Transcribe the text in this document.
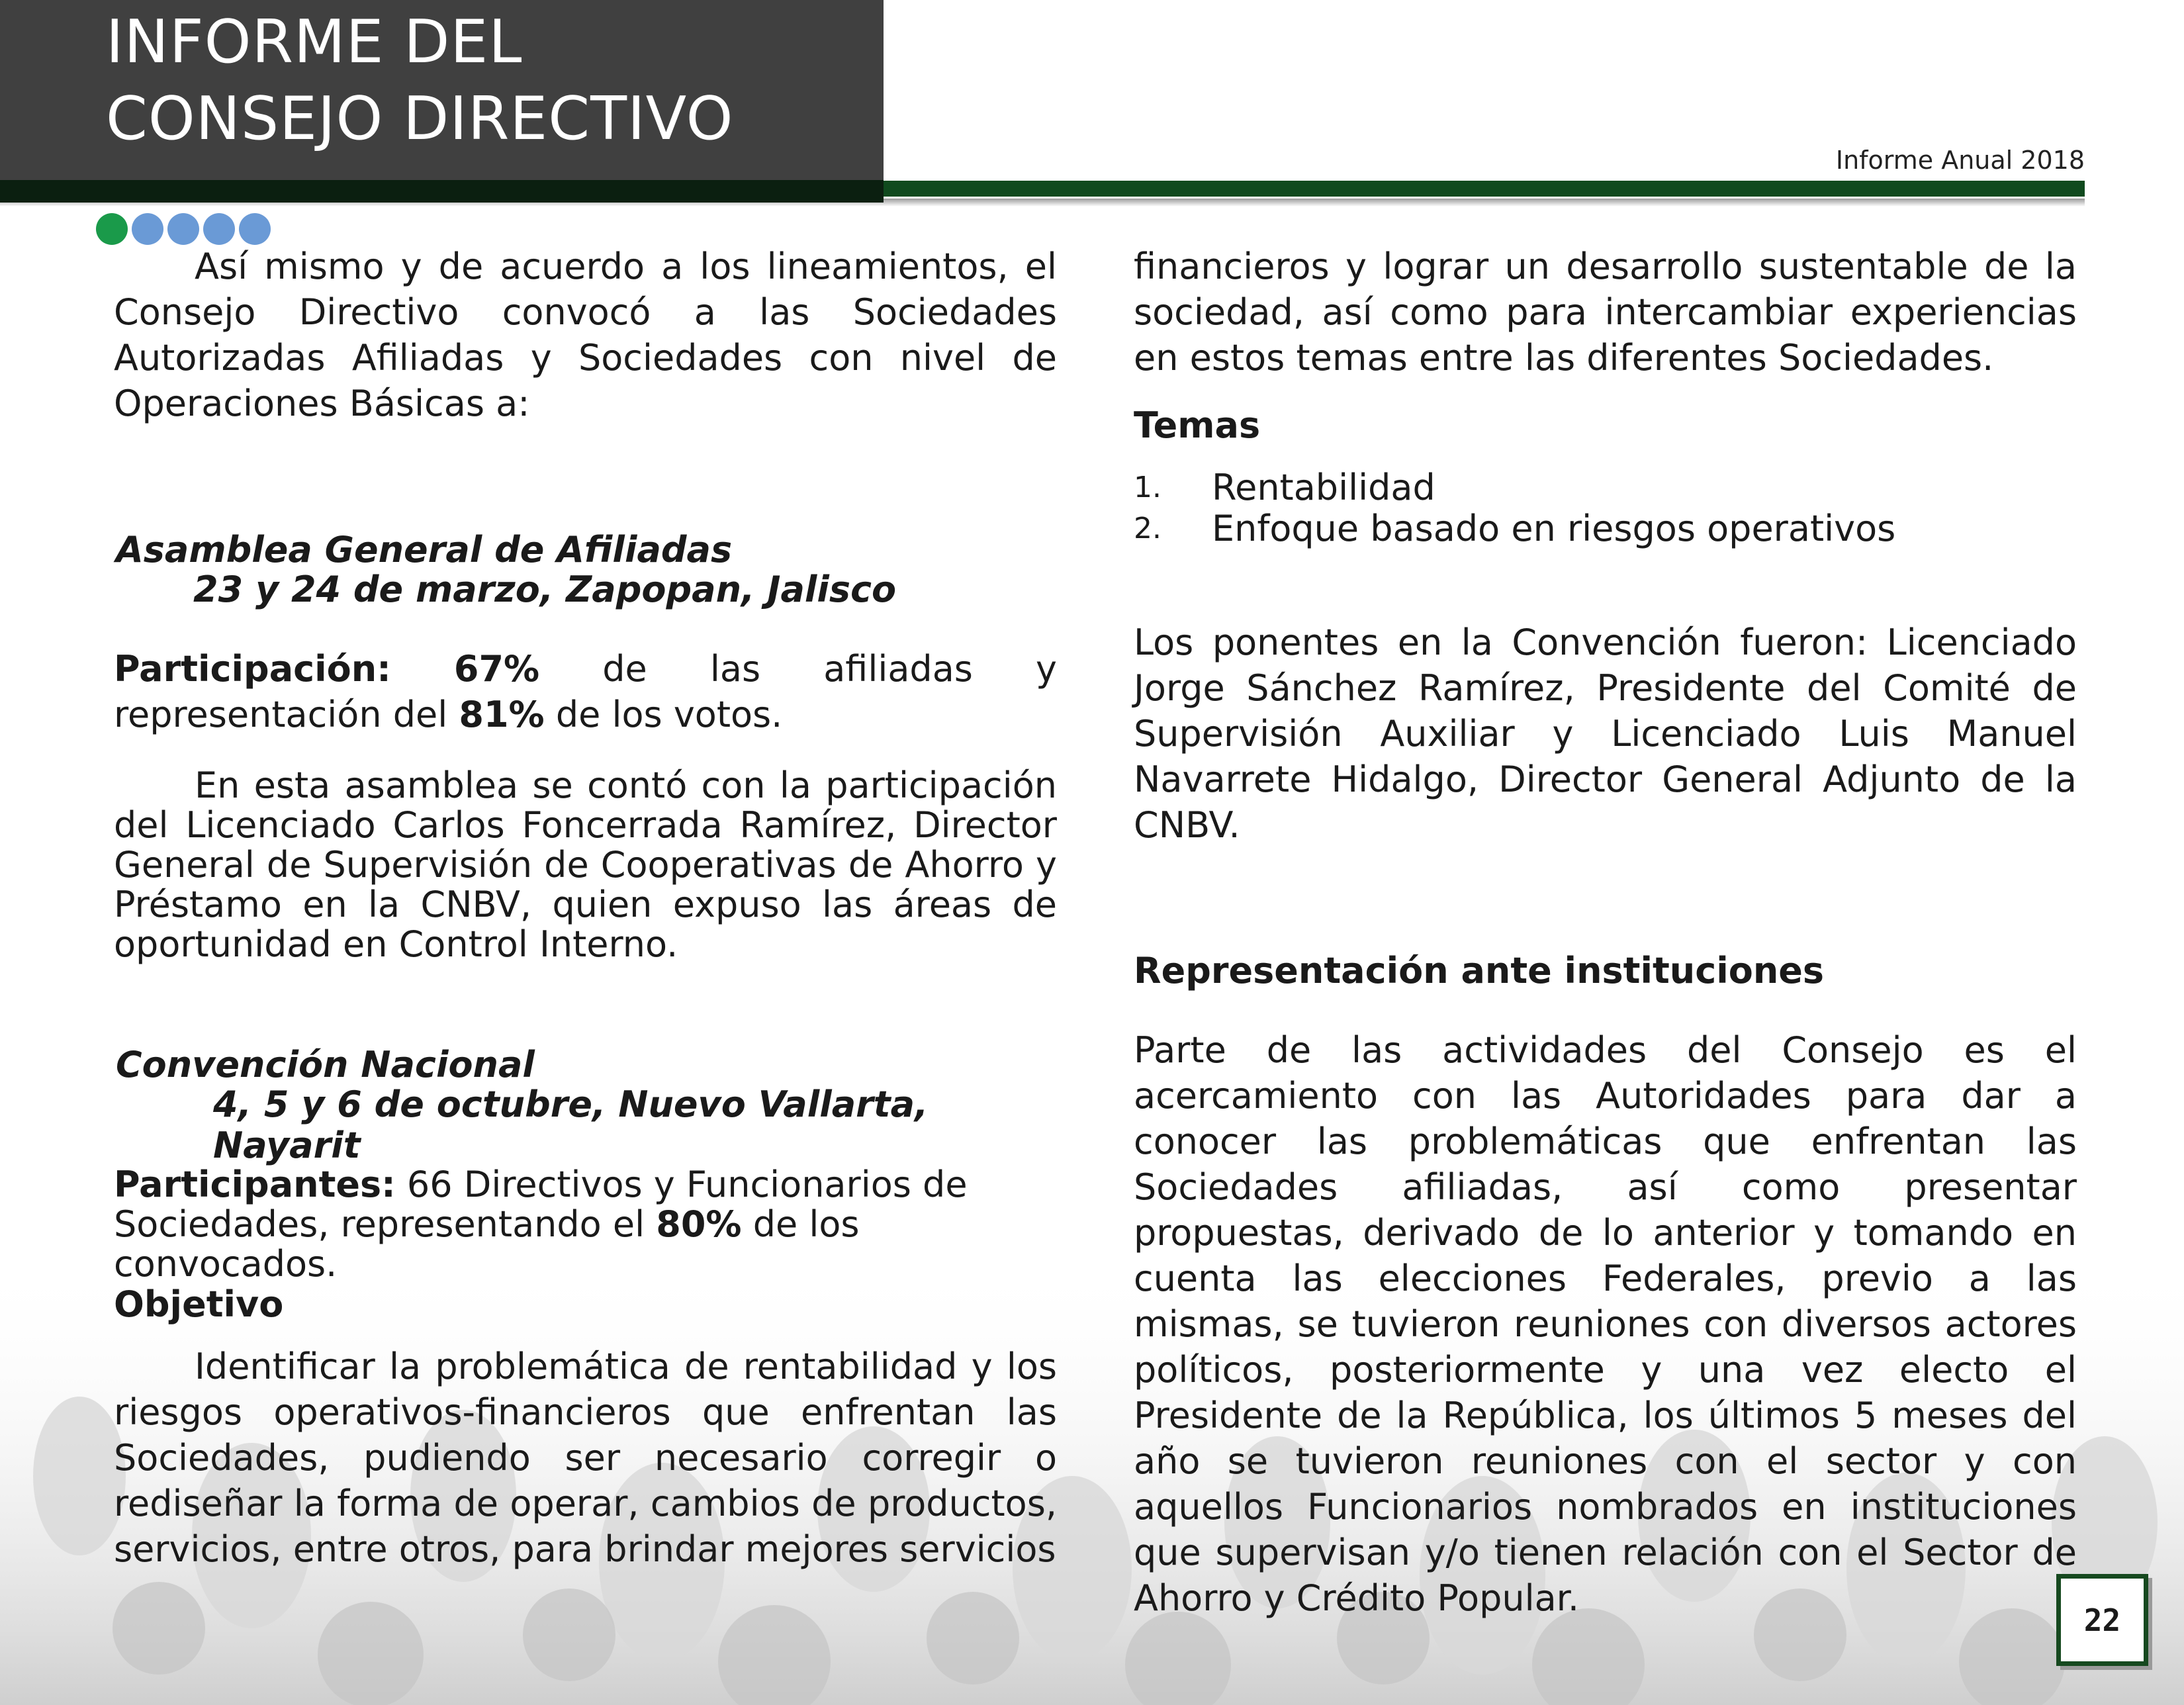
INFORME DEL
CONSEJO DIRECTIVO
Informe Anual 2018

Así mismo y de acuerdo a los lineamientos, el Consejo Directivo convocó a las Sociedades Autorizadas Afiliadas y Sociedades con nivel de Operaciones Básicas a:

Asamblea General de Afiliadas
23 y 24 de marzo, Zapopan, Jalisco

Participación: 67% de las afiliadas y representación del 81% de los votos.

En esta asamblea se contó con la participación del Licenciado Carlos Foncerrada Ramírez, Director General de Supervisión de Cooperativas de Ahorro y Préstamo en la CNBV, quien expuso las áreas de oportunidad en Control Interno.

Convención Nacional
4, 5 y 6 de octubre, Nuevo Vallarta, Nayarit

Participantes: 66 Directivos y Funcionarios de Sociedades, representando el 80% de los convocados.

Objetivo

Identificar la problemática de rentabilidad y los riesgos operativos-financieros que enfrentan las Sociedades, pudiendo ser necesario corregir o rediseñar la forma de operar, cambios de productos, servicios, entre otros, para brindar mejores servicios

financieros y lograr un desarrollo sustentable de la sociedad, así como para intercambiar experiencias en estos temas entre las diferentes Sociedades.

Temas
1.	Rentabilidad
2.	Enfoque basado en riesgos operativos

Los ponentes en la Convención fueron: Licenciado Jorge Sánchez Ramírez, Presidente del Comité de Supervisión Auxiliar y Licenciado Luis Manuel Navarrete Hidalgo, Director General Adjunto de la CNBV.

Representación ante instituciones

Parte de las actividades del Consejo es el acercamiento con las Autoridades para dar a conocer las problemáticas que enfrentan las Sociedades afiliadas, así como presentar propuestas, derivado de lo anterior y tomando en cuenta las elecciones Federales, previo a las mismas, se tuvieron reuniones con diversos actores políticos, posteriormente y una vez electo el Presidente de la República, los últimos 5 meses del año se tuvieron reuniones con el sector y con aquellos Funcionarios nombrados en instituciones que supervisan y/o tienen relación con el Sector de Ahorro y Crédito Popular.

22
